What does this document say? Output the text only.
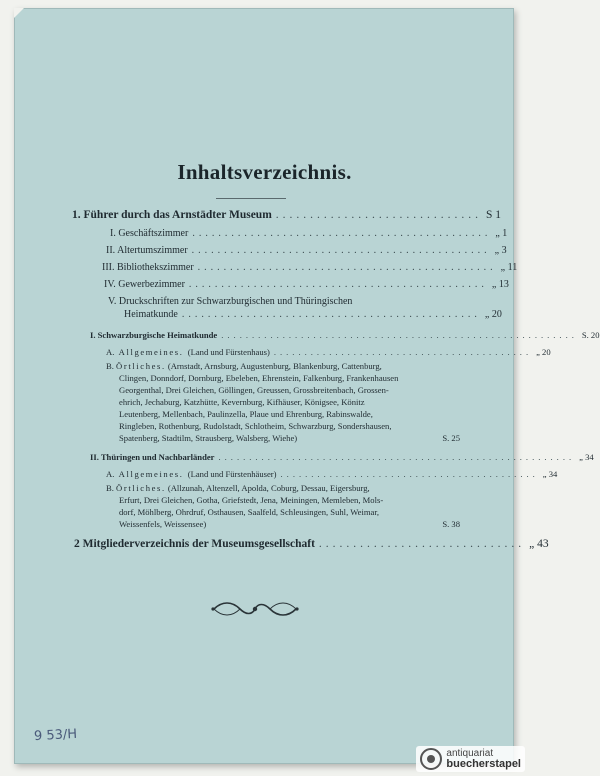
Inhaltsverzeichnis.
1. Führer durch das Arnstädter Museum .............................. S 1
I. Geschäftszimmer .............................................. „ 1
II. Altertumszimmer .............................................. „ 3
III. Bibliothekszimmer .............................................. „ 11
IV. Gewerbezimmer .............................................. „ 13
V. Druckschriften zur Schwarzburgischen und Thüringischen
Heimatkunde .............................................. „ 20
I. Schwarzburgische Heimatkunde .......................................................... S. 20
A. Allgemeines. (Land und Fürstenhaus) .......................................... „ 20
B.
Örtliches.
(Arnstadt, Arnsburg, Augustenburg, Blankenburg, Cattenburg,
Clingen, Donndorf, Dornburg, Ebeleben, Ehrenstein, Falkenburg, Frankenhausen
Georgenthal, Drei Gleichen, Göllingen, Greussen, Grossbreitenbach, Grossen-
ehrich, Jechaburg, Katzhütte, Kevernburg, Kifhäuser, Königsee, Könitz
Leutenberg, Mellenbach, Paulinzella, Plaue und Ehrenburg, Rabinswalde,
Ringleben, Rothenburg, Rudolstadt, Schlotheim, Schwarzburg, Sondershausen,
Spatenberg, Stadtilm, Strausberg, Walsberg, Wiehe)	S. 25
II. Thüringen und Nachbarländer .......................................................... „ 34
A. Allgemeines. (Land und Fürstenhäuser) .......................................... „ 34
B.
Örtliches.
(Allzunah, Altenzell, Apolda, Coburg, Dessau, Eigersburg,
Erfurt, Drei Gleichen, Gotha, Griefstedt, Jena, Meiningen, Memleben, Mols-
dorf, Möhlberg, Ohrdruf, Osthausen, Saalfeld, Schleusingen, Suhl, Weimar,
Weissenfels, Weissensee)	S. 38
2 Mitgliederverzeichnis der Museumsgesellschaft .............................. „ 43
9 53/H
antiquariat
buecherstapel
